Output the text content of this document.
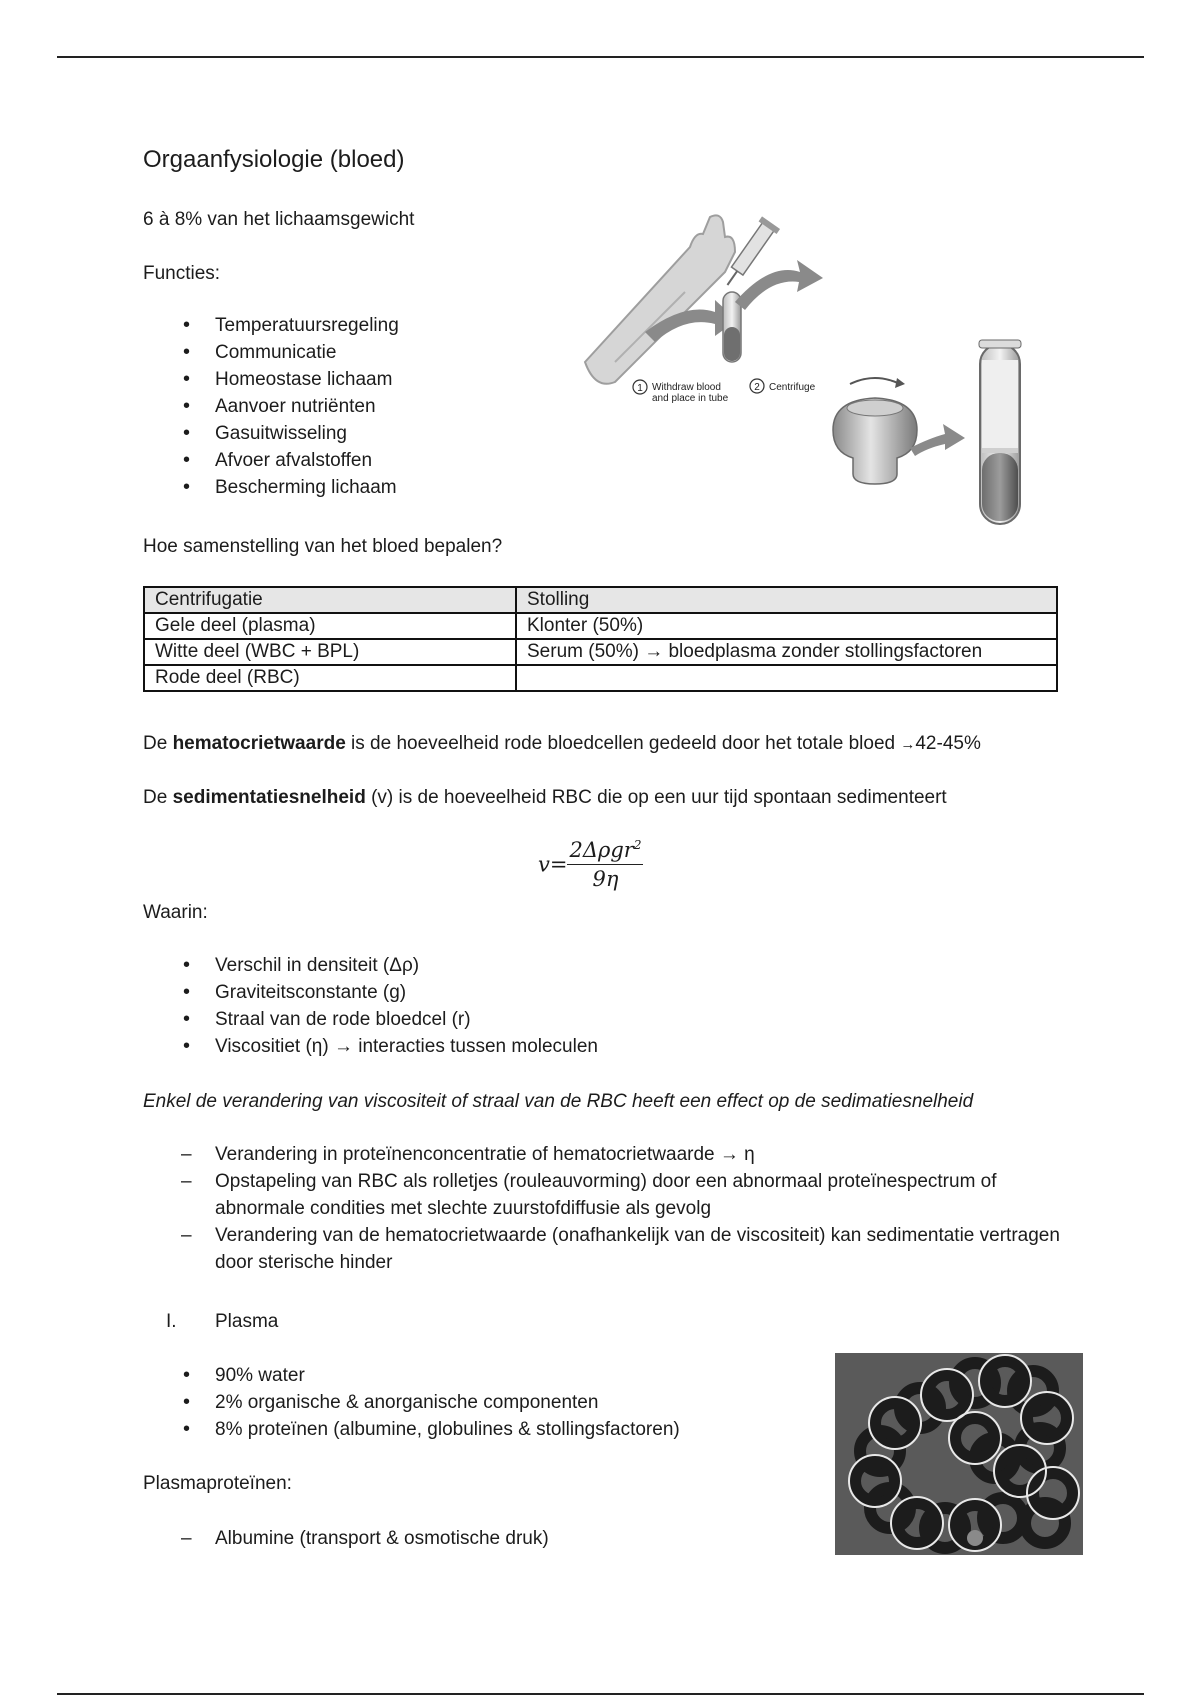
Orgaanfysiologie (bloed)
6 à 8% van het lichaamsgewicht
Functies:
• Temperatuursregeling
• Communicatie
• Homeostase lichaam
• Aanvoer nutriënten
• Gasuitwisseling
• Afvoer afvalstoffen
• Bescherming lichaam
1 Withdraw blood
and place in tube
2 Centrifuge
Hoe samenstelling van het bloed bepalen?
Centrifugatie	Stolling
Gele deel (plasma)	Klonter (50%)
Witte deel (WBC + BPL)	Serum (50%) → bloedplasma zonder stollingsfactoren
Rode deel (RBC)	
De hematocrietwaarde is de hoeveelheid rode bloedcellen gedeeld door het totale bloed →42-45%
De sedimentatiesnelheid (v) is de hoeveelheid RBC die op een uur tijd spontaan sedimenteert
$v= \frac{2\Delta\rho gr^2}{9\eta}$
Waarin:
• Verschil in densiteit (Δρ)
• Graviteitsconstante (g)
• Straal van de rode bloedcel (r)
• Viscositiet (η) → interacties tussen moleculen
Enkel de verandering van viscositeit of straal van de RBC heeft een effect op de sedimatiesnelheid
– Verandering in proteïnenconcentratie of hematocrietwaarde → η
– Opstapeling van RBC als rolletjes (rouleauvorming) door een abnormaal proteïnespectrum of abnormale condities met slechte zuurstofdiffusie als gevolg
– Verandering van de hematocrietwaarde (onafhankelijk van de viscositeit) kan sedimentatie vertragen door sterische hinder
I. Plasma
• 90% water
• 2% organische & anorganische componenten
• 8% proteïnen (albumine, globulines & stollingsfactoren)
Plasmaproteïnen:
– Albumine (transport & osmotische druk)
